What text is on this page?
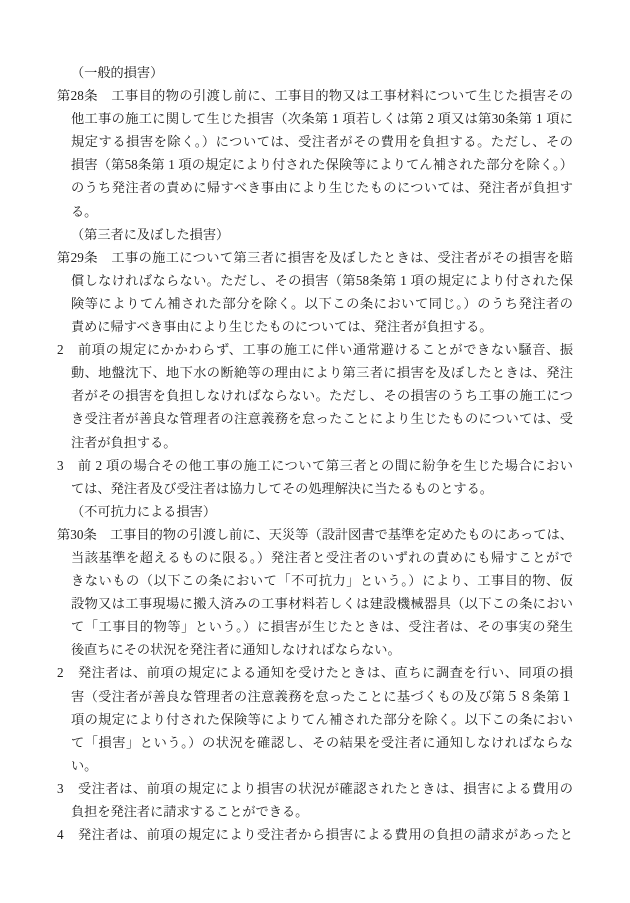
（一般的損害）
第28条　工事目的物の引渡し前に、工事目的物又は工事材料について生じた損害その
他工事の施工に関して生じた損害（次条第 1 項若しくは第 2 項又は第30条第 1 項に
規定する損害を除く。）については、受注者がその費用を負担する。ただし、その
損害（第58条第 1 項の規定により付された保険等によりてん補された部分を除く。）
のうち発注者の責めに帰すべき事由により生じたものについては、発注者が負担す
る。
（第三者に及ぼした損害）
第29条　工事の施工について第三者に損害を及ぼしたときは、受注者がその損害を賠
償しなければならない。ただし、その損害（第58条第 1 項の規定により付された保
険等によりてん補された部分を除く。以下この条において同じ。）のうち発注者の
責めに帰すべき事由により生じたものについては、発注者が負担する。
2　前項の規定にかかわらず、工事の施工に伴い通常避けることができない騒音、振
動、地盤沈下、地下水の断絶等の理由により第三者に損害を及ぼしたときは、発注
者がその損害を負担しなければならない。ただし、その損害のうち工事の施工につ
き受注者が善良な管理者の注意義務を怠ったことにより生じたものについては、受
注者が負担する。
3　前 2 項の場合その他工事の施工について第三者との間に紛争を生じた場合におい
ては、発注者及び受注者は協力してその処理解決に当たるものとする。
（不可抗力による損害）
第30条　工事目的物の引渡し前に、天災等（設計図書で基準を定めたものにあっては、
当該基準を超えるものに限る。）発注者と受注者のいずれの責めにも帰すことがで
きないもの（以下この条において「不可抗力」という。）により、工事目的物、仮
設物又は工事現場に搬入済みの工事材料若しくは建設機械器具（以下この条におい
て「工事目的物等」という。）に損害が生じたときは、受注者は、その事実の発生
後直ちにその状況を発注者に通知しなければならない。
2　発注者は、前項の規定による通知を受けたときは、直ちに調査を行い、同項の損
害（受注者が善良な管理者の注意義務を怠ったことに基づくもの及び第５８条第１
項の規定により付された保険等によりてん補された部分を除く。以下この条におい
て「損害」という。）の状況を確認し、その結果を受注者に通知しなければならな
い。
3　受注者は、前項の規定により損害の状況が確認されたときは、損害による費用の
負担を発注者に請求することができる。
4　発注者は、前項の規定により受注者から損害による費用の負担の請求があったと
